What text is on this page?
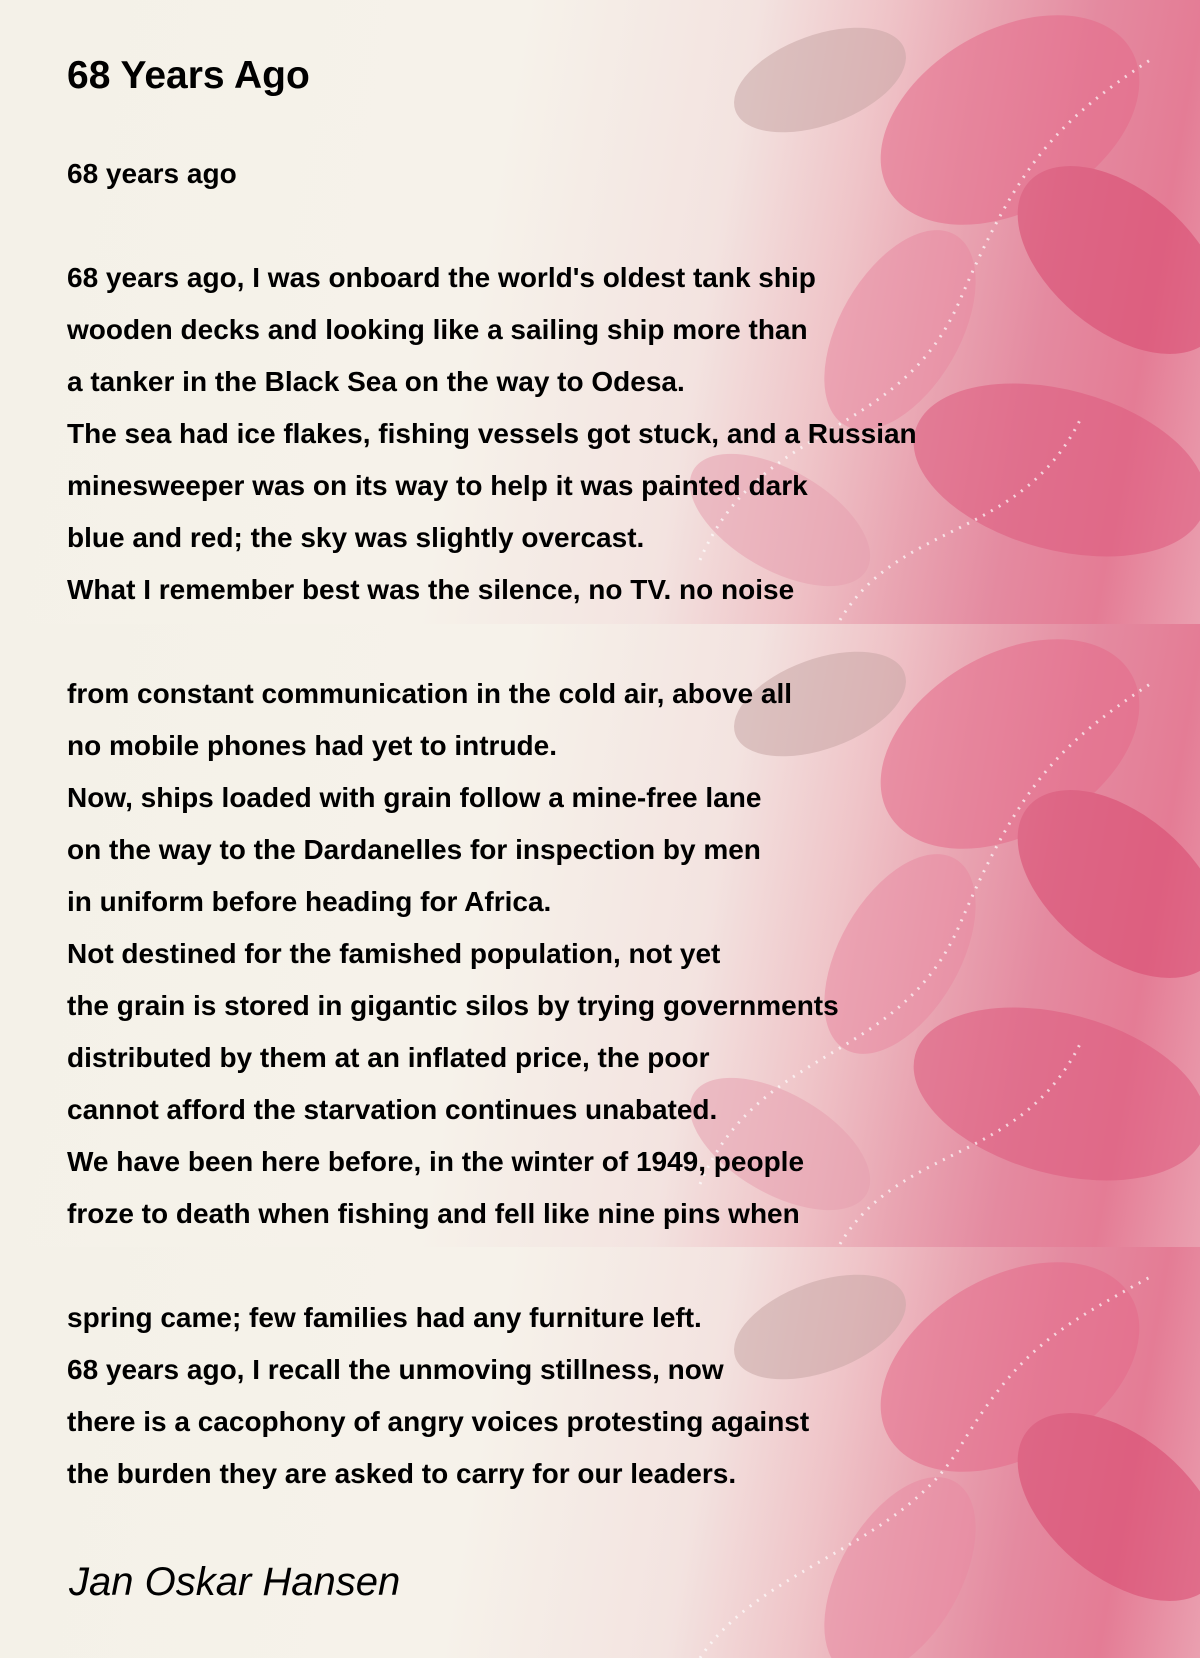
68 Years Ago
68 years ago
68 years ago, I was onboard the world's oldest tank ship
wooden decks and looking like a sailing ship more than
a tanker in the Black Sea on the way to Odesa.
The sea had ice flakes, fishing vessels got stuck, and a Russian
minesweeper was on its way to help it was painted dark
blue and red; the sky was slightly overcast.
What I remember best was the silence, no TV. no noise
from constant communication in the cold air, above all
no mobile phones had yet to intrude.
Now, ships loaded with grain follow a mine-free lane
on the way to the Dardanelles for inspection by men
in uniform before heading for Africa.
Not destined for the famished population, not yet
the grain is stored in gigantic silos by trying governments
distributed by them at an inflated price, the poor
cannot afford the starvation continues unabated.
We have been here before, in the winter of 1949, people
froze to death when fishing and fell like nine pins when
spring came; few families had any furniture left.
68 years ago, I recall the unmoving stillness, now
there is a cacophony of angry voices protesting against
the burden they are asked to carry for our leaders.
Jan Oskar Hansen
